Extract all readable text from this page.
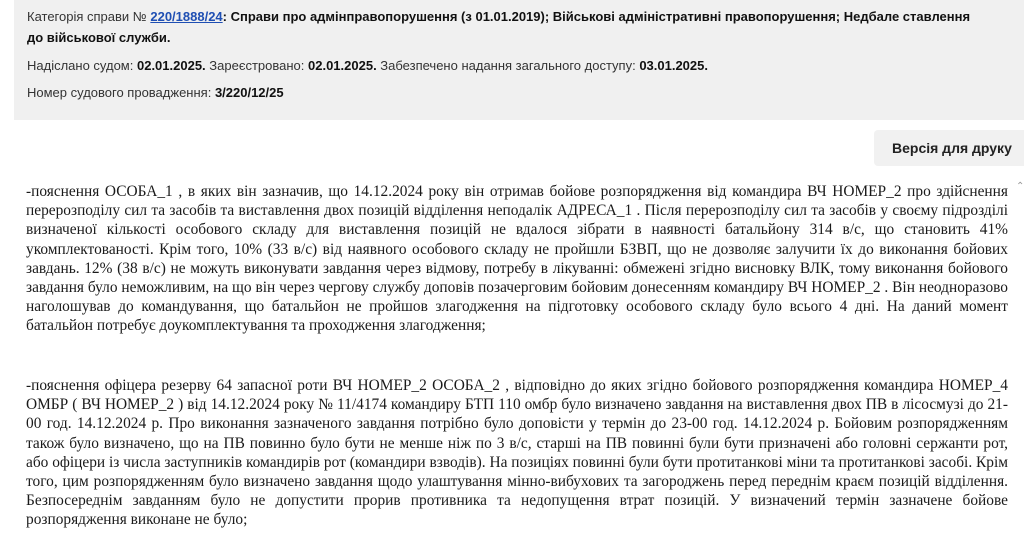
Категорія справи № 220/1888/24: Справи про адмінправопорушення (з 01.01.2019); Військові адміністративні правопорушення; Недбале ставлення
до військової служби.
Надіслано судом: 02.01.2025. Зареєстровано: 02.01.2025. Забезпечено надання загального доступу: 03.01.2025.
Номер судового провадження: 3/220/12/25
Версія для друку

-пояснення ОСОБА_1 , в яких він зазначив, що 14.12.2024 року він отримав бойове розпорядження від командира ВЧ НОМЕР_2 про здійснення перерозподілу сил та засобів та виставлення двох позицій відділення неподалік АДРЕСА_1 . Після перерозподілу сил та засобів у своєму підрозділі визначеної кількості особового складу для виставлення позицій не вдалося зібрати в наявності батальйону 314 в/с, що становить 41% укомплектованості. Крім того, 10% (33 в/с) від наявного особового складу не пройшли БЗВП, що не дозволяє залучити їх до виконання бойових завдань. 12% (38 в/с) не можуть виконувати завдання через відмову, потребу в лікуванні: обмежені згідно висновку ВЛК, тому виконання бойового завдання було неможливим, на що він через чергову службу доповів позачерговим бойовим донесенням командиру ВЧ НОМЕР_2 . Він неодноразово наголошував до командування, що батальйон не пройшов злагодження на підготовку особового складу було всього 4 дні. На даний момент батальйон потребує доукомплектування та проходження злагодження;

-пояснення офіцера резерву 64 запасної роти ВЧ НОМЕР_2 ОСОБА_2 , відповідно до яких згідно бойового розпорядження командира НОМЕР_4 ОМБР ( ВЧ НОМЕР_2 ) від 14.12.2024 року № 11/4174 командиру БТП 110 омбр було визначено завдання на виставлення двох ПВ в лісосмузі до 21-00 год. 14.12.2024 р. Про виконання зазначеного завдання потрібно було доповісти у термін до 23-00 год. 14.12.2024 р. Бойовим розпорядженням також було визначено, що на ПВ повинно було бути не менше ніж по 3 в/с, старші на ПВ повинні були бути призначені або головні сержанти рот, або офіцери із числа заступників командирів рот (командири взводів). На позиціях повинні були бути протитанкові міни та протитанкові засобі. Крім того, цим розпорядженням було визначено завдання щодо улаштування мінно-вибухових та загороджень перед переднім краєм позицій відділення. Безпосереднім завданням було не допустити прорив противника та недопущення втрат позицій. У визначений термін зазначене бойове розпорядження виконане не було;

⌃
